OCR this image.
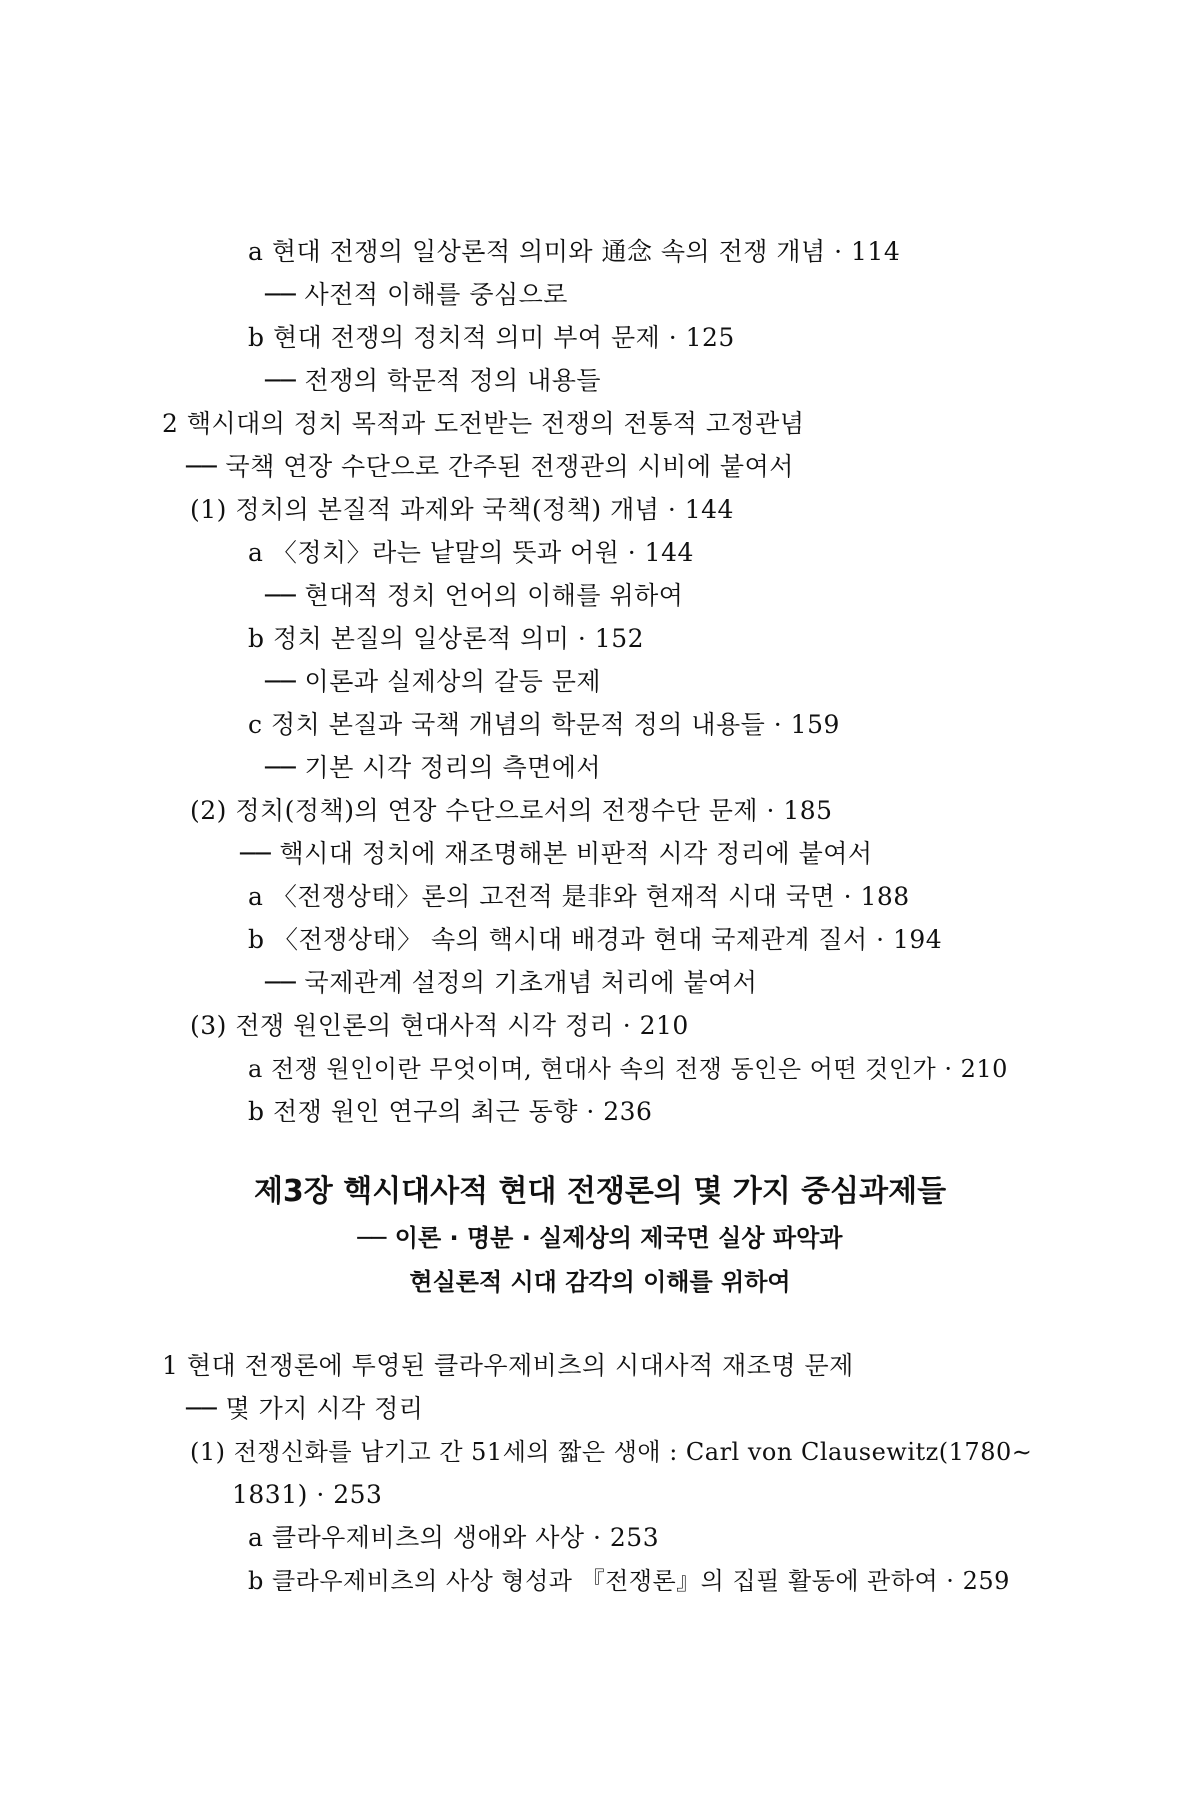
a 현대 전쟁의 일상론적 의미와 通念 속의 전쟁 개념 · 114
── 사전적 이해를 중심으로
b 현대 전쟁의 정치적 의미 부여 문제 · 125
── 전쟁의 학문적 정의 내용들
2 핵시대의 정치 목적과 도전받는 전쟁의 전통적 고정관념
── 국책 연장 수단으로 간주된 전쟁관의 시비에 붙여서
(1) 정치의 본질적 과제와 국책(정책) 개념 · 144
a 〈정치〉라는 낱말의 뜻과 어원 · 144
── 현대적 정치 언어의 이해를 위하여
b 정치 본질의 일상론적 의미 · 152
── 이론과 실제상의 갈등 문제
c 정치 본질과 국책 개념의 학문적 정의 내용들 · 159
── 기본 시각 정리의 측면에서
(2) 정치(정책)의 연장 수단으로서의 전쟁수단 문제 · 185
── 핵시대 정치에 재조명해본 비판적 시각 정리에 붙여서
a 〈전쟁상태〉론의 고전적 是非와 현재적 시대 국면 · 188
b 〈전쟁상태〉 속의 핵시대 배경과 현대 국제관계 질서 · 194
── 국제관계 설정의 기초개념 처리에 붙여서
(3) 전쟁 원인론의 현대사적 시각 정리 · 210
a 전쟁 원인이란 무엇이며, 현대사 속의 전쟁 동인은 어떤 것인가 · 210
b 전쟁 원인 연구의 최근 동향 · 236
제3장 핵시대사적 현대 전쟁론의 몇 가지 중심과제들
── 이론 · 명분 · 실제상의 제국면 실상 파악과
현실론적 시대 감각의 이해를 위하여
1 현대 전쟁론에 투영된 클라우제비츠의 시대사적 재조명 문제
── 몇 가지 시각 정리
(1) 전쟁신화를 남기고 간 51세의 짧은 생애 : Carl von Clausewitz(1780∼
1831) · 253
a 클라우제비츠의 생애와 사상 · 253
b 클라우제비츠의 사상 형성과 『전쟁론』의 집필 활동에 관하여 · 259
